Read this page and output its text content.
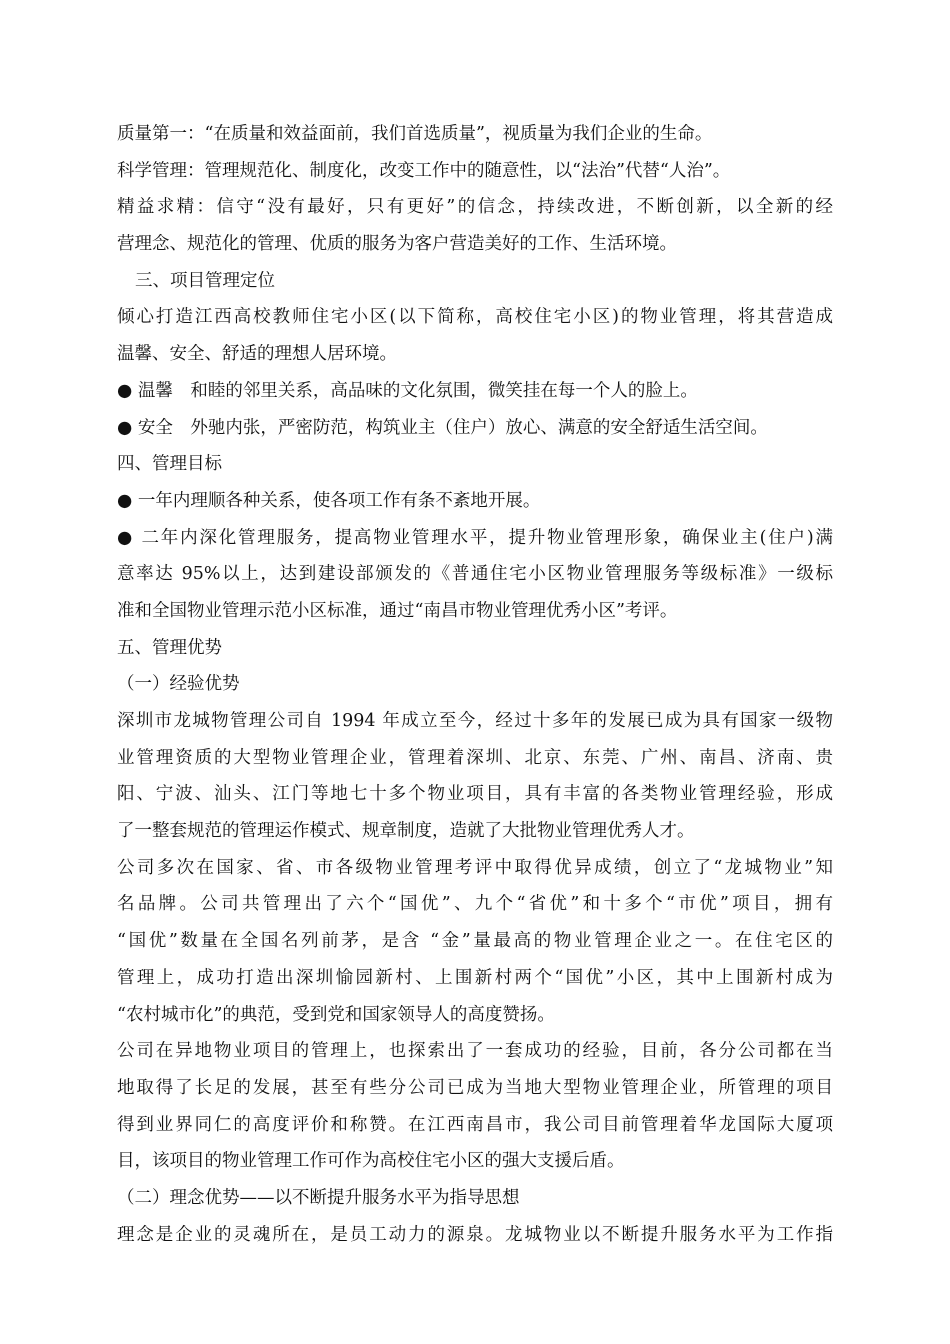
质量第一：“在质量和效益面前，我们首选质量”，视质量为我们企业的生命。
科学管理：管理规范化、制度化，改变工作中的随意性，以“法治”代替“人治”。
精益求精：信守“没有最好，只有更好”的信念，持续改进，不断创新，以全新的经
营理念、规范化的管理、优质的服务为客户营造美好的工作、生活环境。
三、项目管理定位
倾心打造江西高校教师住宅小区(以下简称，高校住宅小区)的物业管理，将其营造成
温馨、安全、舒适的理想人居环境。
● 温馨　和睦的邻里关系，高品味的文化氛围，微笑挂在每一个人的脸上。
● 安全　外驰内张，严密防范，构筑业主（住户）放心、满意的安全舒适生活空间。
四、管理目标
● 一年内理顺各种关系，使各项工作有条不紊地开展。
● 二年内深化管理服务，提高物业管理水平，提升物业管理形象，确保业主(住户)满
意率达 95%以上，达到建设部颁发的《普通住宅小区物业管理服务等级标准》一级标
准和全国物业管理示范小区标准，通过“南昌市物业管理优秀小区”考评。
五、管理优势
（一）经验优势
深圳市龙城物管理公司自 1994 年成立至今，经过十多年的发展已成为具有国家一级物
业管理资质的大型物业管理企业，管理着深圳、北京、东莞、广州、南昌、济南、贵
阳、宁波、汕头、江门等地七十多个物业项目，具有丰富的各类物业管理经验，形成
了一整套规范的管理运作模式、规章制度，造就了大批物业管理优秀人才。
公司多次在国家、省、市各级物业管理考评中取得优异成绩，创立了“龙城物业”知
名品牌。公司共管理出了六个“国优”、九个“省优”和十多个“市优”项目，拥有
“国优”数量在全国名列前茅，是含 “金”量最高的物业管理企业之一。在住宅区的
管理上，成功打造出深圳愉园新村、上围新村两个“国优”小区，其中上围新村成为
“农村城市化”的典范，受到党和国家领导人的高度赞扬。
公司在异地物业项目的管理上，也探索出了一套成功的经验，目前，各分公司都在当
地取得了长足的发展，甚至有些分公司已成为当地大型物业管理企业，所管理的项目
得到业界同仁的高度评价和称赞。在江西南昌市，我公司目前管理着华龙国际大厦项
目，该项目的物业管理工作可作为高校住宅小区的强大支援后盾。
（二）理念优势——以不断提升服务水平为指导思想
理念是企业的灵魂所在，是员工动力的源泉。龙城物业以不断提升服务水平为工作指
